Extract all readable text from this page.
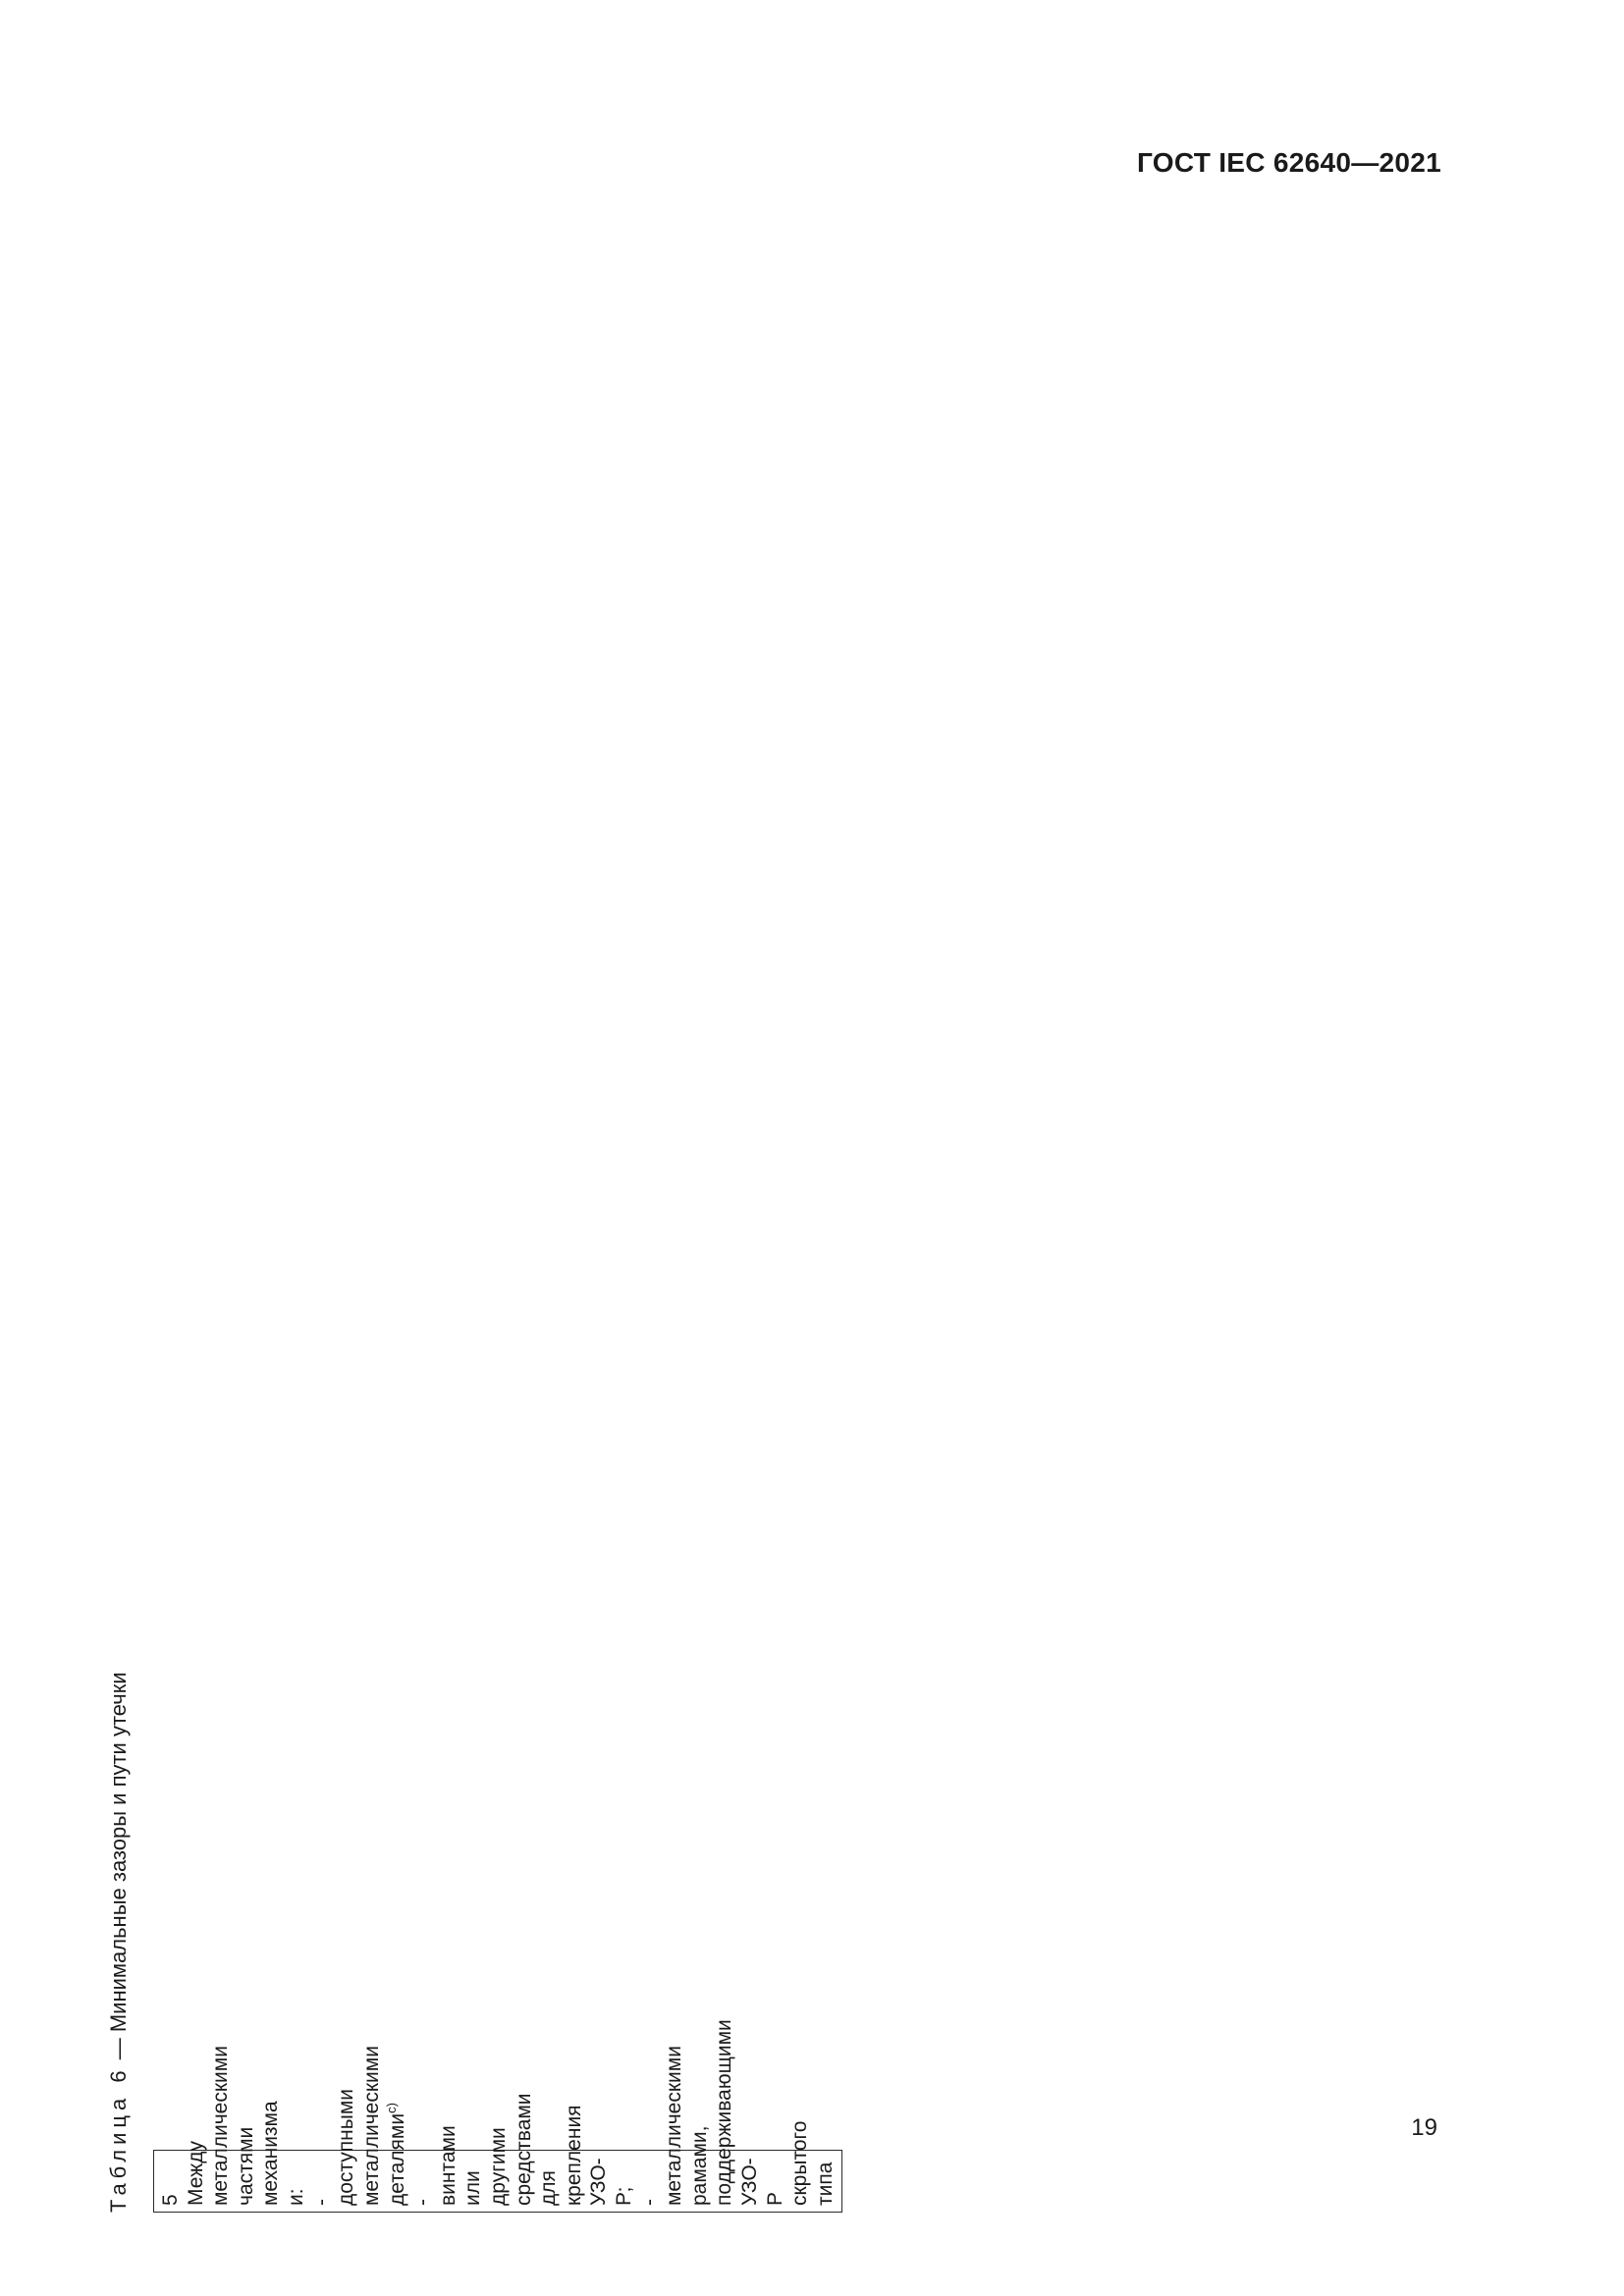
ГОСТ IEC 62640—2021
19
Таблица 6 — Минимальные зазоры и пути утечки
5 Между металлическими частями механизма и: - доступными металлическими деталями$^{c)}$
- винтами или другими средствами для крепления УЗО-Р; - металлическими рамами, поддерживающими УЗО-Р скрытого типа
